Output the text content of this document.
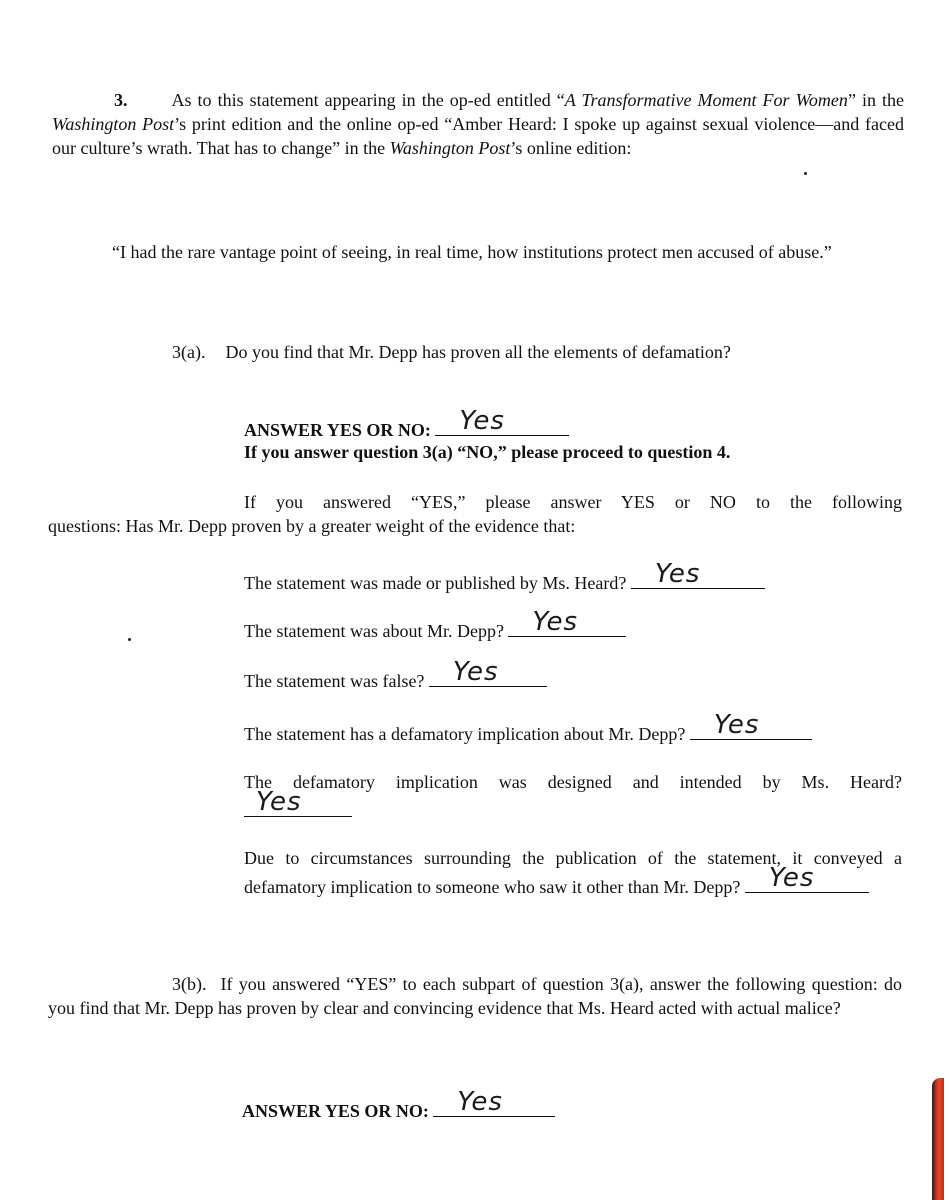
3. As to this statement appearing in the op-ed entitled “A Transformative Moment For Women” in the Washington Post’s print edition and the online op-ed “Amber Heard: I spoke up against sexual violence—and faced our culture’s wrath. That has to change” in the Washington Post’s online edition:
“I had the rare vantage point of seeing, in real time, how institutions protect men accused of abuse.”
3(a). Do you find that Mr. Depp has proven all the elements of defamation?
ANSWER YES OR NO: Yes
If you answer question 3(a) “NO,” please proceed to question 4.
If you answered “YES,” please answer YES or NO to the following
questions: Has Mr. Depp proven by a greater weight of the evidence that:
The statement was made or published by Ms. Heard? Yes
The statement was about Mr. Depp? Yes
The statement was false? Yes
The statement has a defamatory implication about Mr. Depp? Yes
The defamatory implication was designed and intended by Ms. Heard?
Yes
Due to circumstances surrounding the publication of the statement, it conveyed a defamatory implication to someone who saw it other than Mr. Depp? Yes
3(b). If you answered “YES” to each subpart of question 3(a), answer the following question: do you find that Mr. Depp has proven by clear and convincing evidence that Ms. Heard acted with actual malice?
ANSWER YES OR NO: Yes
